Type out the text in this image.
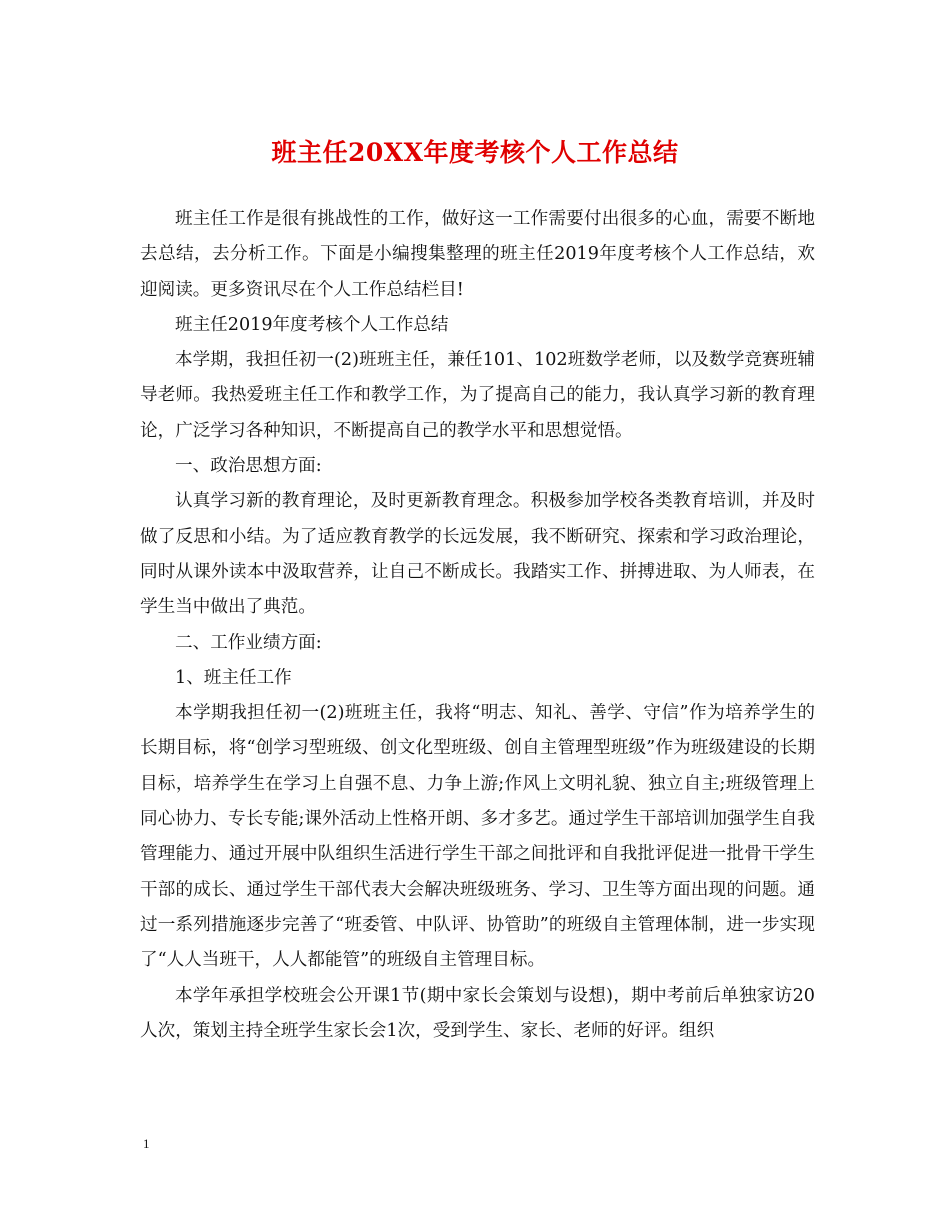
班主任20XX年度考核个人工作总结

班主任工作是很有挑战性的工作，做好这一工作需要付出很多的心血，需要不断地去总结，去分析工作。下面是小编搜集整理的班主任2019年度考核个人工作总结，欢迎阅读。更多资讯尽在个人工作总结栏目!

班主任2019年度考核个人工作总结

本学期，我担任初一(2)班班主任，兼任101、102班数学老师，以及数学竞赛班辅导老师。我热爱班主任工作和教学工作，为了提高自己的能力，我认真学习新的教育理论，广泛学习各种知识，不断提高自己的教学水平和思想觉悟。

一、政治思想方面:

认真学习新的教育理论，及时更新教育理念。积极参加学校各类教育培训，并及时做了反思和小结。为了适应教育教学的长远发展，我不断研究、探索和学习政治理论，同时从课外读本中汲取营养，让自己不断成长。我踏实工作、拼搏进取、为人师表，在学生当中做出了典范。

二、工作业绩方面:

1、班主任工作

本学期我担任初一(2)班班主任，我将“明志、知礼、善学、守信”作为培养学生的长期目标，将“创学习型班级、创文化型班级、创自主管理型班级”作为班级建设的长期目标，培养学生在学习上自强不息、力争上游;作风上文明礼貌、独立自主;班级管理上同心协力、专长专能;课外活动上性格开朗、多才多艺。通过学生干部培训加强学生自我管理能力、通过开展中队组织生活进行学生干部之间批评和自我批评促进一批骨干学生干部的成长、通过学生干部代表大会解决班级班务、学习、卫生等方面出现的问题。通过一系列措施逐步完善了“班委管、中队评、协管助”的班级自主管理体制，进一步实现了“人人当班干，人人都能管”的班级自主管理目标。

本学年承担学校班会公开课1节(期中家长会策划与设想)，期中考前后单独家访20人次，策划主持全班学生家长会1次，受到学生、家长、老师的好评。组织

1
